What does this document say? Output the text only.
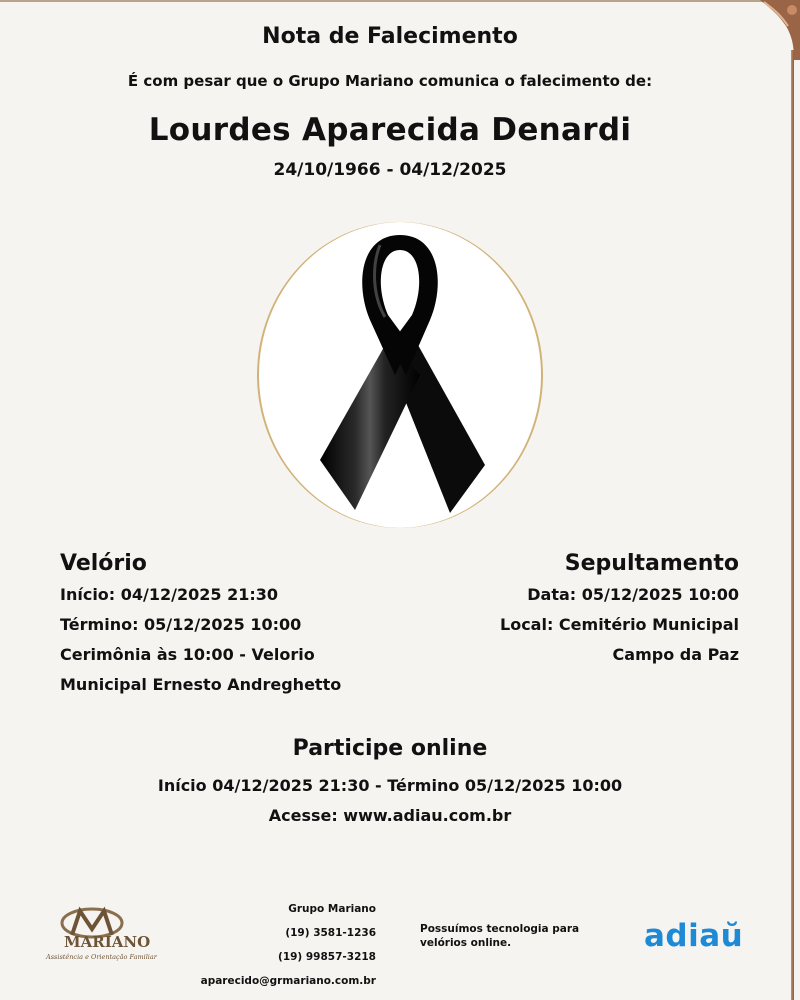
Nota de Falecimento
É com pesar que o Grupo Mariano comunica o falecimento de:
Lourdes Aparecida Denardi
24/10/1966 - 04/12/2025
Velório
Início: 04/12/2025 21:30
Término: 05/12/2025 10:00
Cerimônia às 10:00 - Velorio
Municipal Ernesto Andreghetto
Sepultamento
Data: 05/12/2025 10:00
Local: Cemitério Municipal
Campo da Paz
Participe online
Início 04/12/2025 21:30 - Término 05/12/2025 10:00
Acesse: www.adiau.com.br
MARIANO
Assistência e Orientação Familiar
Grupo Mariano
(19) 3581-1236
(19) 99857-3218
aparecido@grmariano.com.br
Possuímos tecnologia para
velórios online.	adiaŭ
